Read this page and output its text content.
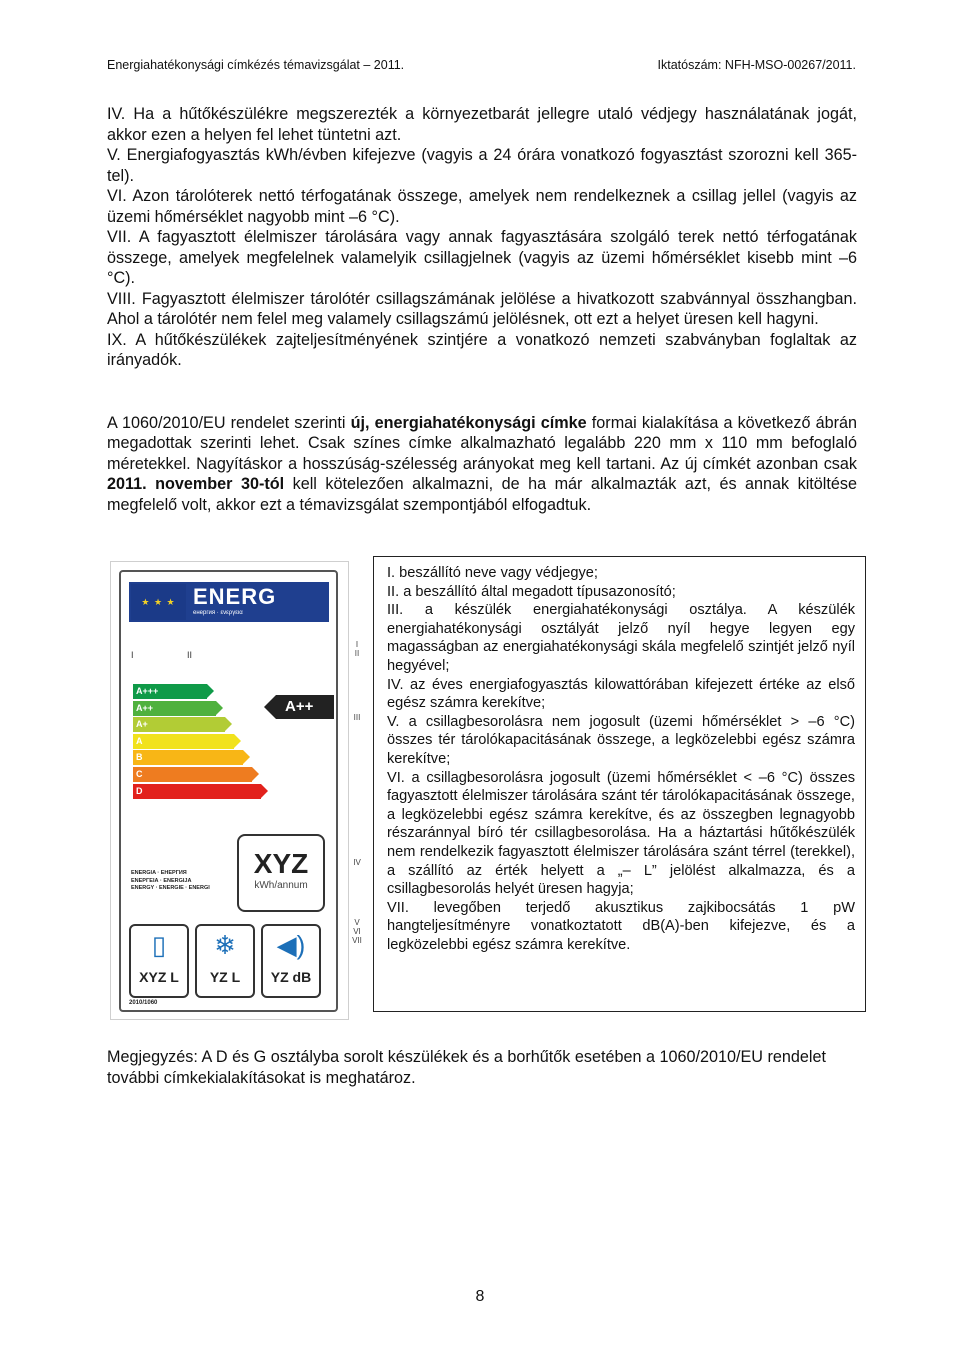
Energiahatékonysági címkézés témavizsgálat – 2011.	Iktatószám: NFH-MSO-00267/2011.

IV. Ha a hűtőkészülékre megszerezték a környezetbarát jellegre utaló védjegy használatának jogát, akkor ezen a helyen fel lehet tüntetni azt.

V. Energiafogyasztás kWh/évben kifejezve (vagyis a 24 órára vonatkozó fogyasztást szorozni kell 365-tel).

VI. Azon tárolóterek nettó térfogatának összege, amelyek nem rendelkeznek a csillag jellel (vagyis az üzemi hőmérséklet nagyobb mint –6 °C).

VII. A fagyasztott élelmiszer tárolására vagy annak fagyasztására szolgáló terek nettó térfogatának összege, amelyek megfelelnek valamelyik csillagjelnek (vagyis az üzemi hőmérséklet kisebb mint –6 °C).

VIII. Fagyasztott élelmiszer tárolótér csillagszámának jelölése a hivatkozott szabvánnyal összhangban. Ahol a tárolótér nem felel meg valamely csillagszámú jelölésnek, ott ezt a helyet üresen kell hagyni.

IX. A hűtőkészülékek zajteljesítményének szintjére a vonatkozó nemzeti szabványban foglaltak az irányadók.

A 1060/2010/EU rendelet szerinti új, energiahatékonysági címke formai kialakítása a következő ábrán megadottak szerinti lehet. Csak színes címke alkalmazható legalább 220 mm x 110 mm befoglaló méretekkel. Nagyításkor a hosszúság-szélesség arányokat meg kell tartani. Az új címkét azonban csak 2011. november 30-tól kell kötelezően alkalmazni, de ha már alkalmazták azt, és annak kitöltése megfelelő volt, akkor ezt a témavizsgálat szempontjából elfogadtuk.

★ ★ ★ ENERG
енергия · ενεργεια
I	II
A+++
A++
A+
A
B
C
D
A++
ENERGIA · ЕНЕРГИЯ
ENEPΓΕΙΑ · ENERGIJA
ENERGY · ENERGIE · ENERGI
XYZ
kWh/annum
▯
XYZ L
❄
YZ L
◀)
YZ dB
2010/1060
I
II
III
IV
V
VI
VII

I. beszállító neve vagy védjegye;

II. a beszállító által megadott típusazonosító;

III. a készülék energiahatékonysági osztálya. A készülék energiahatékonysági osztályát jelző nyíl hegye legyen egy magasságban az energiahatékonysági skála megfelelő szintjét jelző nyíl hegyével;

IV. az éves energiafogyasztás kilowattórában kifejezett értéke az első egész számra kerekítve;

V. a csillagbesorolásra nem jogosult (üzemi hőmérséklet > –6 °C) összes tér tárolókapacitásának összege, a legközelebbi egész számra kerekítve;

VI. a csillagbesorolásra jogosult (üzemi hőmérséklet < –6 °C) összes fagyasztott élelmiszer tárolására szánt tér tárolókapacitásának összege, a legközelebbi egész számra kerekítve, és az összegben legnagyobb részaránnyal bíró tér csillagbesorolása. Ha a háztartási hűtőkészülék nem rendelkezik fagyasztott élelmiszer tárolására szánt térrel (terekkel), a szállító az érték helyett a „– L” jelölést alkalmazza, és a csillagbesorolás helyét üresen hagyja;

VII. levegőben terjedő akusztikus zajkibocsátás 1 pW hangteljesítményre vonatkoztatott dB(A)-ben kifejezve, és a legközelebbi egész számra kerekítve.

Megjegyzés: A D és G osztályba sorolt készülékek és a borhűtők esetében a 1060/2010/EU rendelet további címkekialakításokat is meghatároz.

8
